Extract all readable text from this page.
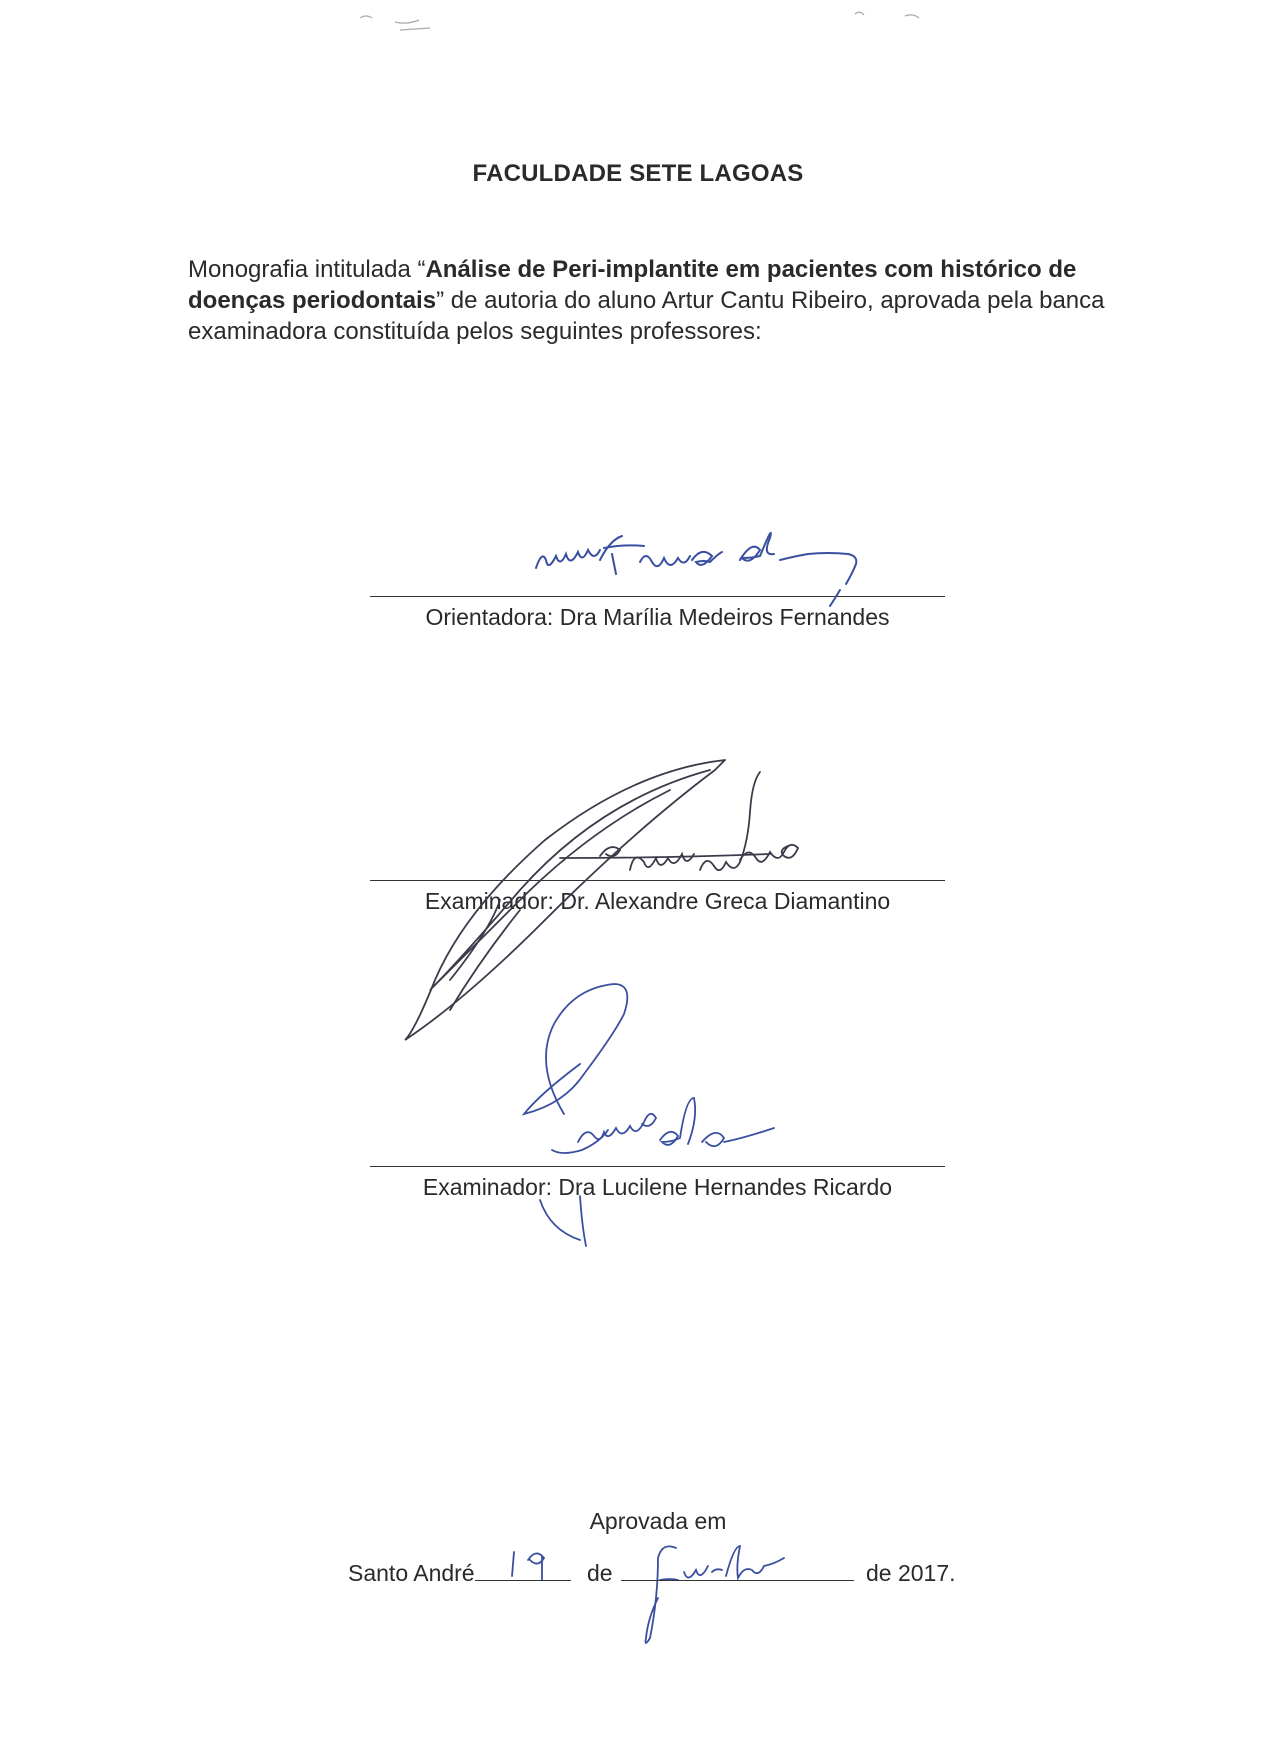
FACULDADE SETE LAGOAS
Monografia intitulada “Análise de Peri-implantite em pacientes com histórico de doenças periodontais” de autoria do aluno Artur Cantu Ribeiro, aprovada pela banca examinadora constituída pelos seguintes professores:
Orientadora: Dra Marília Medeiros Fernandes
Examinador: Dr. Alexandre Greca Diamantino
Examinador: Dra Lucilene Hernandes Ricardo
Aprovada em
Santo André	de	de 2017.
